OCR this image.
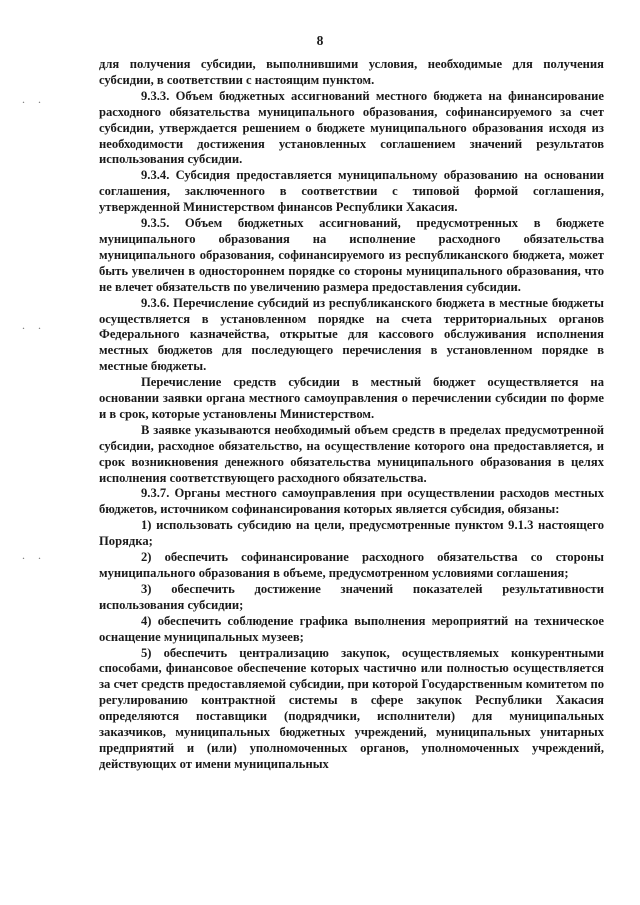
8
. .
. .
. .

для получения субсидии, выполнившими условия, необходимые для получения субсидии, в соответствии с настоящим пунктом.

9.3.3. Объем бюджетных ассигнований местного бюджета на финансирование расходного обязательства муниципального образования, софинансируемого за счет субсидии, утверждается решением о бюджете муниципального образования исходя из необходимости достижения установленных соглашением значений результатов использования субсидии.

9.3.4. Субсидия предоставляется муниципальному образованию на основании соглашения, заключенного в соответствии с типовой формой соглашения, утвержденной Министерством финансов Республики Хакасия.

9.3.5. Объем бюджетных ассигнований, предусмотренных в бюджете муниципального образования на исполнение расходного обязательства муниципального образования, софинансируемого из республиканского бюджета, может быть увеличен в одностороннем порядке со стороны муниципального образования, что не влечет обязательств по увеличению размера предоставления субсидии.

9.3.6. Перечисление субсидий из республиканского бюджета в местные бюджеты осуществляется в установленном порядке на счета территориальных органов Федерального казначейства, открытые для кассового обслуживания исполнения местных бюджетов для последующего перечисления в установленном порядке в местные бюджеты.

Перечисление средств субсидии в местный бюджет осуществляется на основании заявки органа местного самоуправления о перечислении субсидии по форме и в срок, которые установлены Министерством.

В заявке указываются необходимый объем средств в пределах предусмотренной субсидии, расходное обязательство, на осуществление которого она предоставляется, и срок возникновения денежного обязательства муниципального образования в целях исполнения соответствующего расходного обязательства.

9.3.7. Органы местного самоуправления при осуществлении расходов местных бюджетов, источником софинансирования которых является субсидия, обязаны:

1) использовать субсидию на цели, предусмотренные пунктом 9.1.3 настоящего Порядка;

2) обеспечить софинансирование расходного обязательства со стороны муниципального образования в объеме, предусмотренном условиями соглашения;

3) обеспечить достижение значений показателей результативности использования субсидии;

4) обеспечить соблюдение графика выполнения мероприятий на техническое оснащение муниципальных музеев;

5) обеспечить централизацию закупок, осуществляемых конкурентными способами, финансовое обеспечение которых частично или полностью осуществляется за счет средств предоставляемой субсидии, при которой Государственным комитетом по регулированию контрактной системы в сфере закупок Республики Хакасия определяются поставщики (подрядчики, исполнители) для муниципальных заказчиков, муниципальных бюджетных учреждений, муниципальных унитарных предприятий и (или) уполномоченных органов, уполномоченных учреждений, действующих от имени муниципальных
